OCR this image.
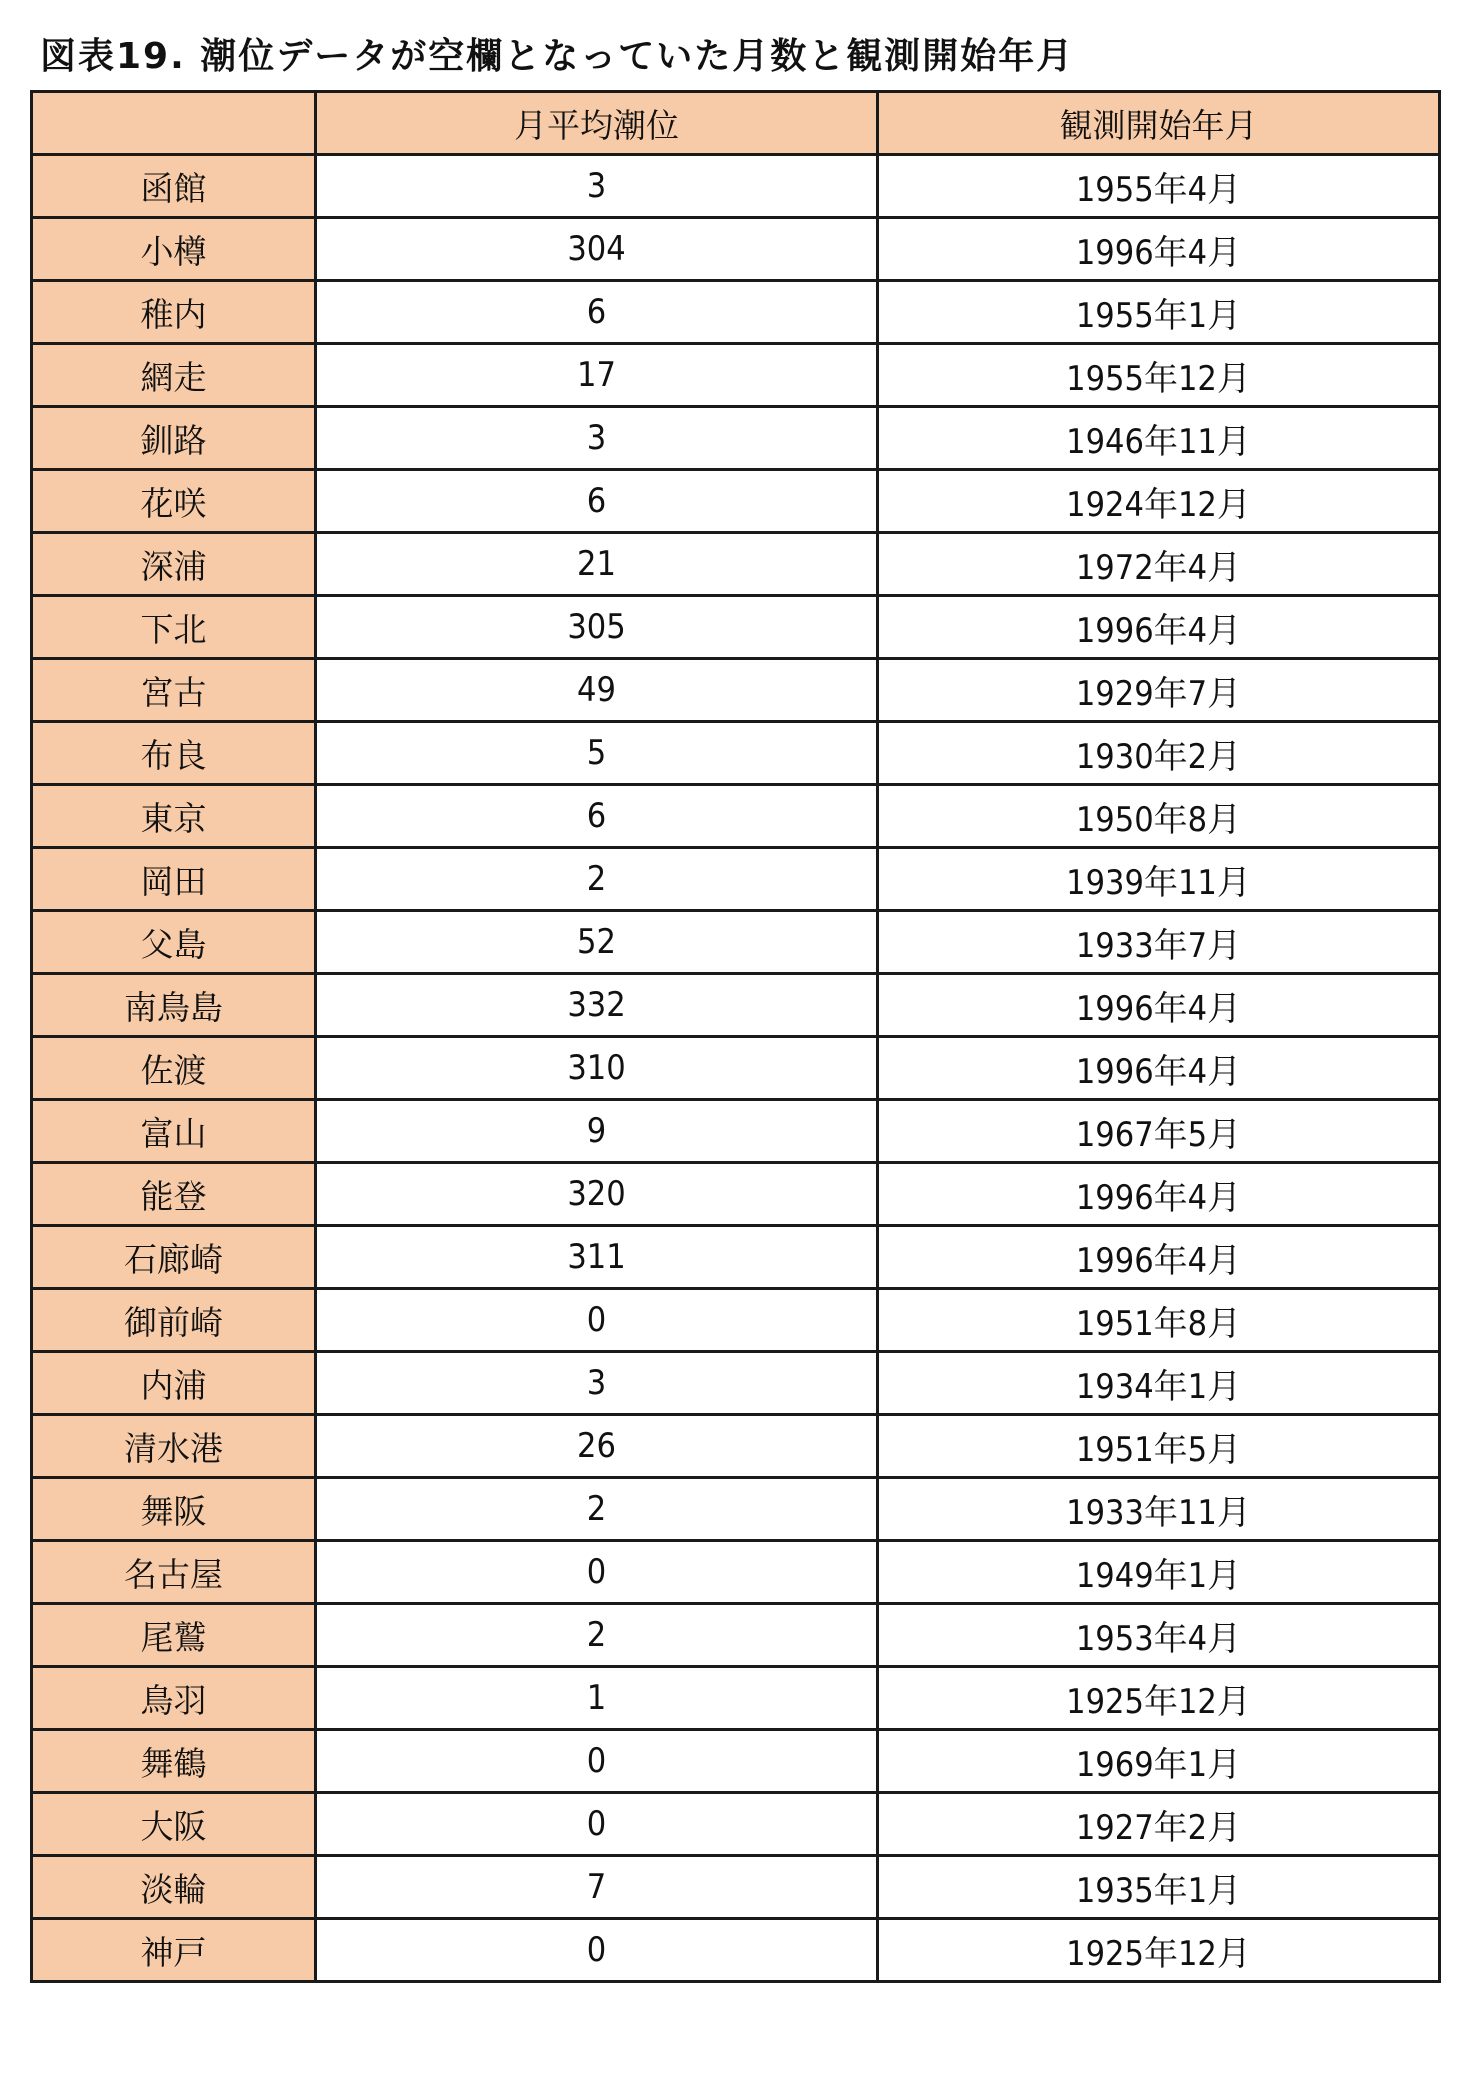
図表19. 潮位データが空欄となっていた月数と観測開始年月
	月平均潮位	観測開始年月
函館	3	1955年4月
小樽	304	1996年4月
稚内	6	1955年1月
網走	17	1955年12月
釧路	3	1946年11月
花咲	6	1924年12月
深浦	21	1972年4月
下北	305	1996年4月
宮古	49	1929年7月
布良	5	1930年2月
東京	6	1950年8月
岡田	2	1939年11月
父島	52	1933年7月
南鳥島	332	1996年4月
佐渡	310	1996年4月
富山	9	1967年5月
能登	320	1996年4月
石廊崎	311	1996年4月
御前崎	0	1951年8月
内浦	3	1934年1月
清水港	26	1951年5月
舞阪	2	1933年11月
名古屋	0	1949年1月
尾鷲	2	1953年4月
鳥羽	1	1925年12月
舞鶴	0	1969年1月
大阪	0	1927年2月
淡輪	7	1935年1月
神戸	0	1925年12月
